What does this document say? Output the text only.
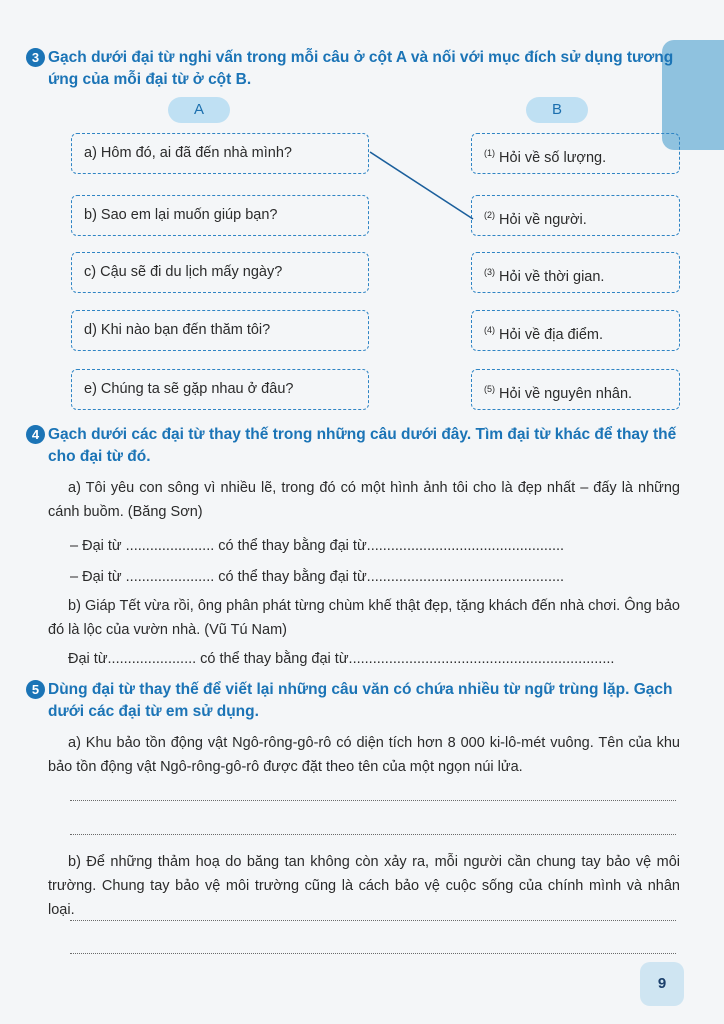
3 Gạch dưới đại từ nghi vấn trong mỗi câu ở cột A và nối với mục đích sử dụng tương ứng của mỗi đại từ ở cột B.
A	B
a) Hôm đó, ai đã đến nhà mình?
b) Sao em lại muốn giúp bạn?
c) Cậu sẽ đi du lịch mấy ngày?
d) Khi nào bạn đến thăm tôi?
e) Chúng ta sẽ gặp nhau ở đâu?
$^{(1)}$ Hỏi về số lượng.
$^{(2)}$ Hỏi về người.
$^{(3)}$ Hỏi về thời gian.
$^{(4)}$ Hỏi về địa điểm.
$^{(5)}$ Hỏi về nguyên nhân.
4 Gạch dưới các đại từ thay thế trong những câu dưới đây. Tìm đại từ khác để thay thế cho đại từ đó.
a) Tôi yêu con sông vì nhiều lẽ, trong đó có một hình ảnh tôi cho là đẹp nhất – đấy là những cánh buồm. (Băng Sơn)
– Đại từ ...................... có thể thay bằng đại từ.................................................
– Đại từ ...................... có thể thay bằng đại từ.................................................
b) Giáp Tết vừa rồi, ông phân phát từng chùm khế thật đẹp, tặng khách đến nhà chơi. Ông bảo đó là lộc của vườn nhà. (Vũ Tú Nam)
Đại từ...................... có thể thay bằng đại từ..................................................................
5 Dùng đại từ thay thế để viết lại những câu văn có chứa nhiều từ ngữ trùng lặp. Gạch dưới các đại từ em sử dụng.
a) Khu bảo tồn động vật Ngô-rông-gô-rô có diện tích hơn 8 000 ki-lô-mét vuông. Tên của khu bảo tồn động vật Ngô-rông-gô-rô được đặt theo tên của một ngọn núi lửa.
b) Để những thảm hoạ do băng tan không còn xảy ra, mỗi người cần chung tay bảo vệ môi trường. Chung tay bảo vệ môi trường cũng là cách bảo vệ cuộc sống của chính mình và nhân loại.
9
